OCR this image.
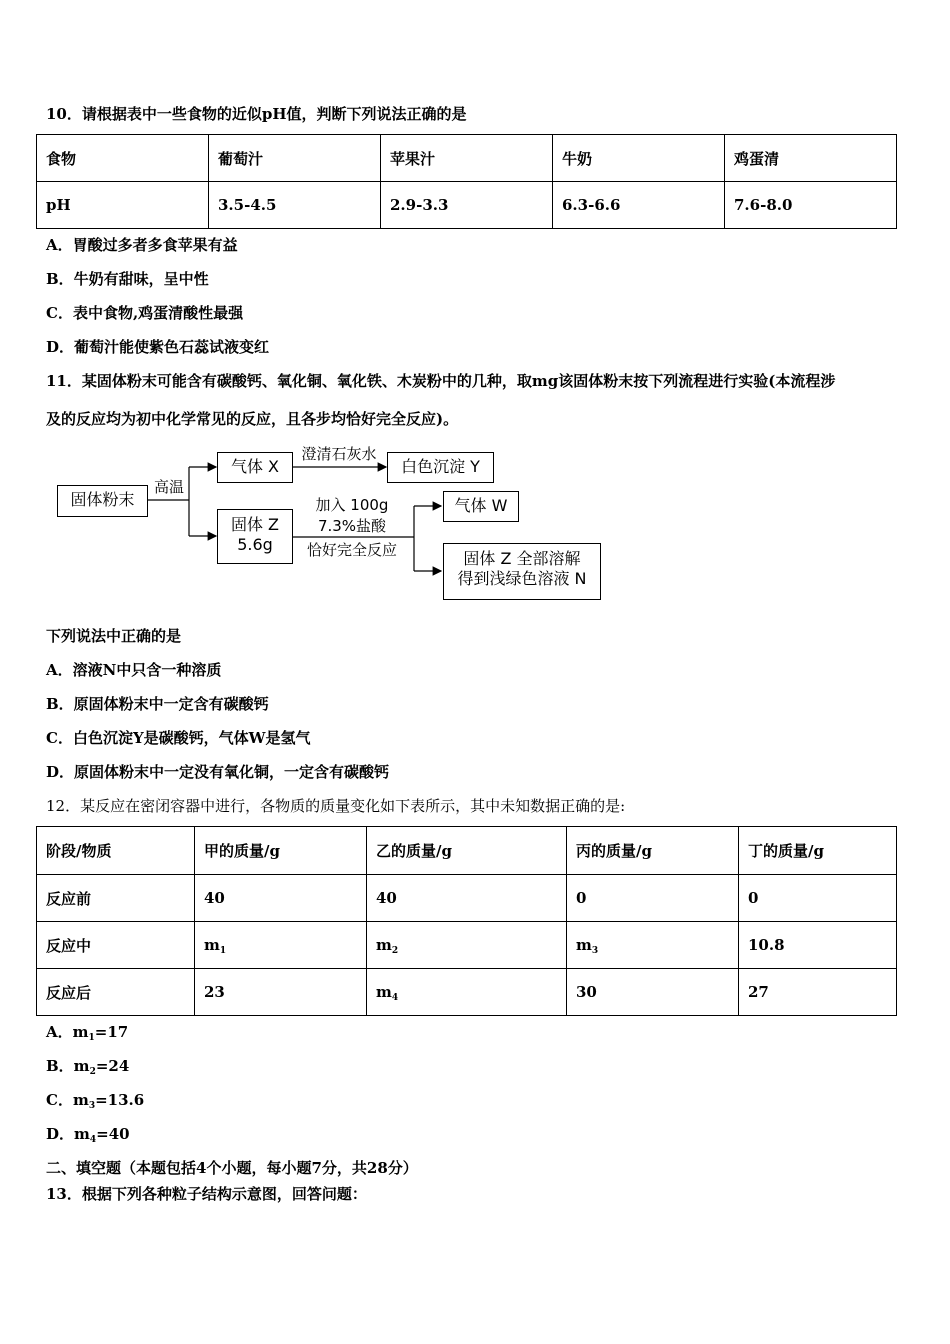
10．请根据表中一些食物的近似pH值，判断下列说法正确的是
食物	葡萄汁	苹果汁	牛奶	鸡蛋清
pH	3.5-4.5	2.9-3.3	6.3-6.6	7.6-8.0
A．胃酸过多者多食苹果有益
B．牛奶有甜味，呈中性
C．表中食物,鸡蛋清酸性最强
D．葡萄汁能使紫色石蕊试液变红
11．某固体粉末可能含有碳酸钙、氧化铜、氧化铁、木炭粉中的几种，取mg该固体粉末按下列流程进行实验(本流程涉
及的反应均为初中化学常见的反应，且各步均恰好完全反应)。
固体粉末
高温
气体 X
澄清石灰水
白色沉淀 Y
固体 Z
5.6g
加入 100g
7.3%盐酸
恰好完全反应
气体 W
固体 Z 全部溶解
得到浅绿色溶液 N
下列说法中正确的是
A．溶液N中只含一种溶质
B．原固体粉末中一定含有碳酸钙
C．白色沉淀Y是碳酸钙，气体W是氢气
D．原固体粉末中一定没有氧化铜，一定含有碳酸钙
12．某反应在密闭容器中进行，各物质的质量变化如下表所示，其中未知数据正确的是:
阶段/物质	甲的质量/g	乙的质量/g	丙的质量/g	丁的质量/g
反应前	40	40	0	0
反应中	$m_1$	$m_2$	$m_3$	10.8
反应后	23	$m_4$	30	27
A．$m_1=17$
B．$m_2=24$
C．$m_3=13.6$
D．$m_4=40$
二、填空题（本题包括4个小题，每小题7分，共28分）
13．根据下列各种粒子结构示意图，回答问题：
